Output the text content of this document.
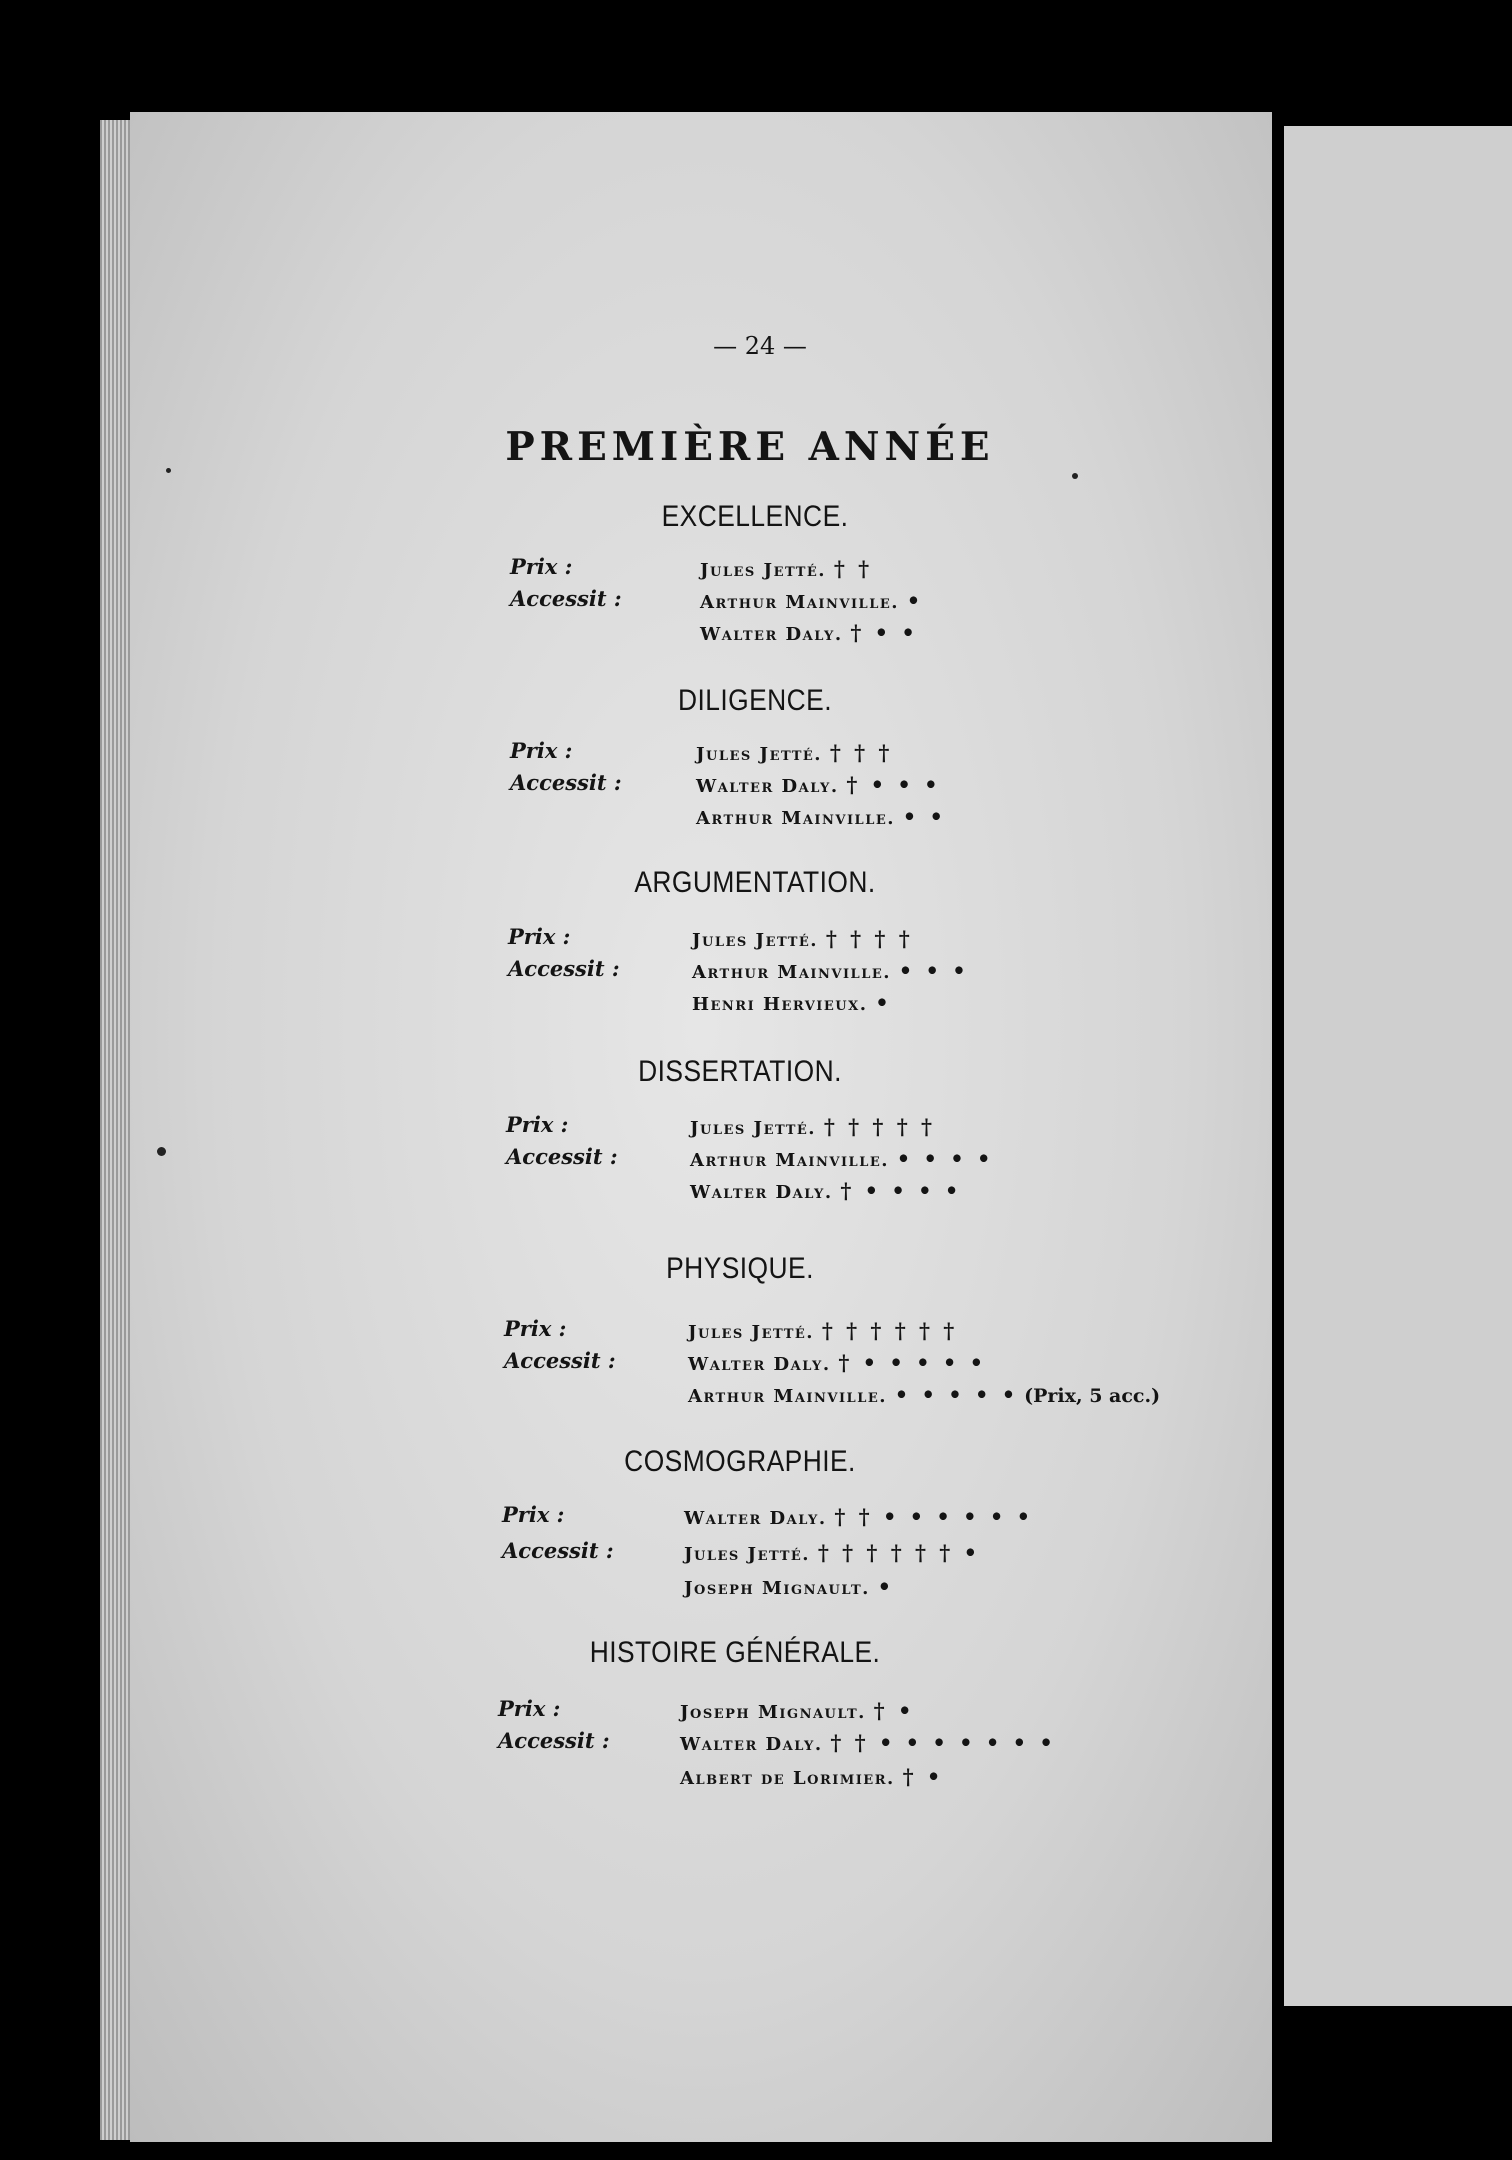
— 24 —
PREMIÈRE ANNÉE
EXCELLENCE.
Prix :	Jules Jetté. † †
Accessit :	Arthur Mainville. •
Walter Daly. † • •
DILIGENCE.
Prix :	Jules Jetté. † † †
Accessit :	Walter Daly. † • • •
Arthur Mainville. • •
ARGUMENTATION.
Prix :	Jules Jetté. † † † †
Accessit :	Arthur Mainville. • • •
Henri Hervieux. •
DISSERTATION.
Prix :	Jules Jetté. † † † † †
Accessit :	Arthur Mainville. • • • •
Walter Daly. † • • • •
PHYSIQUE.
Prix :	Jules Jetté. † † † † † †
Accessit :	Walter Daly. † • • • • •
Arthur Mainville. • • • • • (Prix, 5 acc.)
COSMOGRAPHIE.
Prix :	Walter Daly. † † • • • • • •
Accessit :	Jules Jetté. † † † † † † •
Joseph Mignault. •
HISTOIRE GÉNÉRALE.
Prix :	Joseph Mignault. † •
Accessit :	Walter Daly. † † • • • • • • •
Albert de Lorimier. † •
